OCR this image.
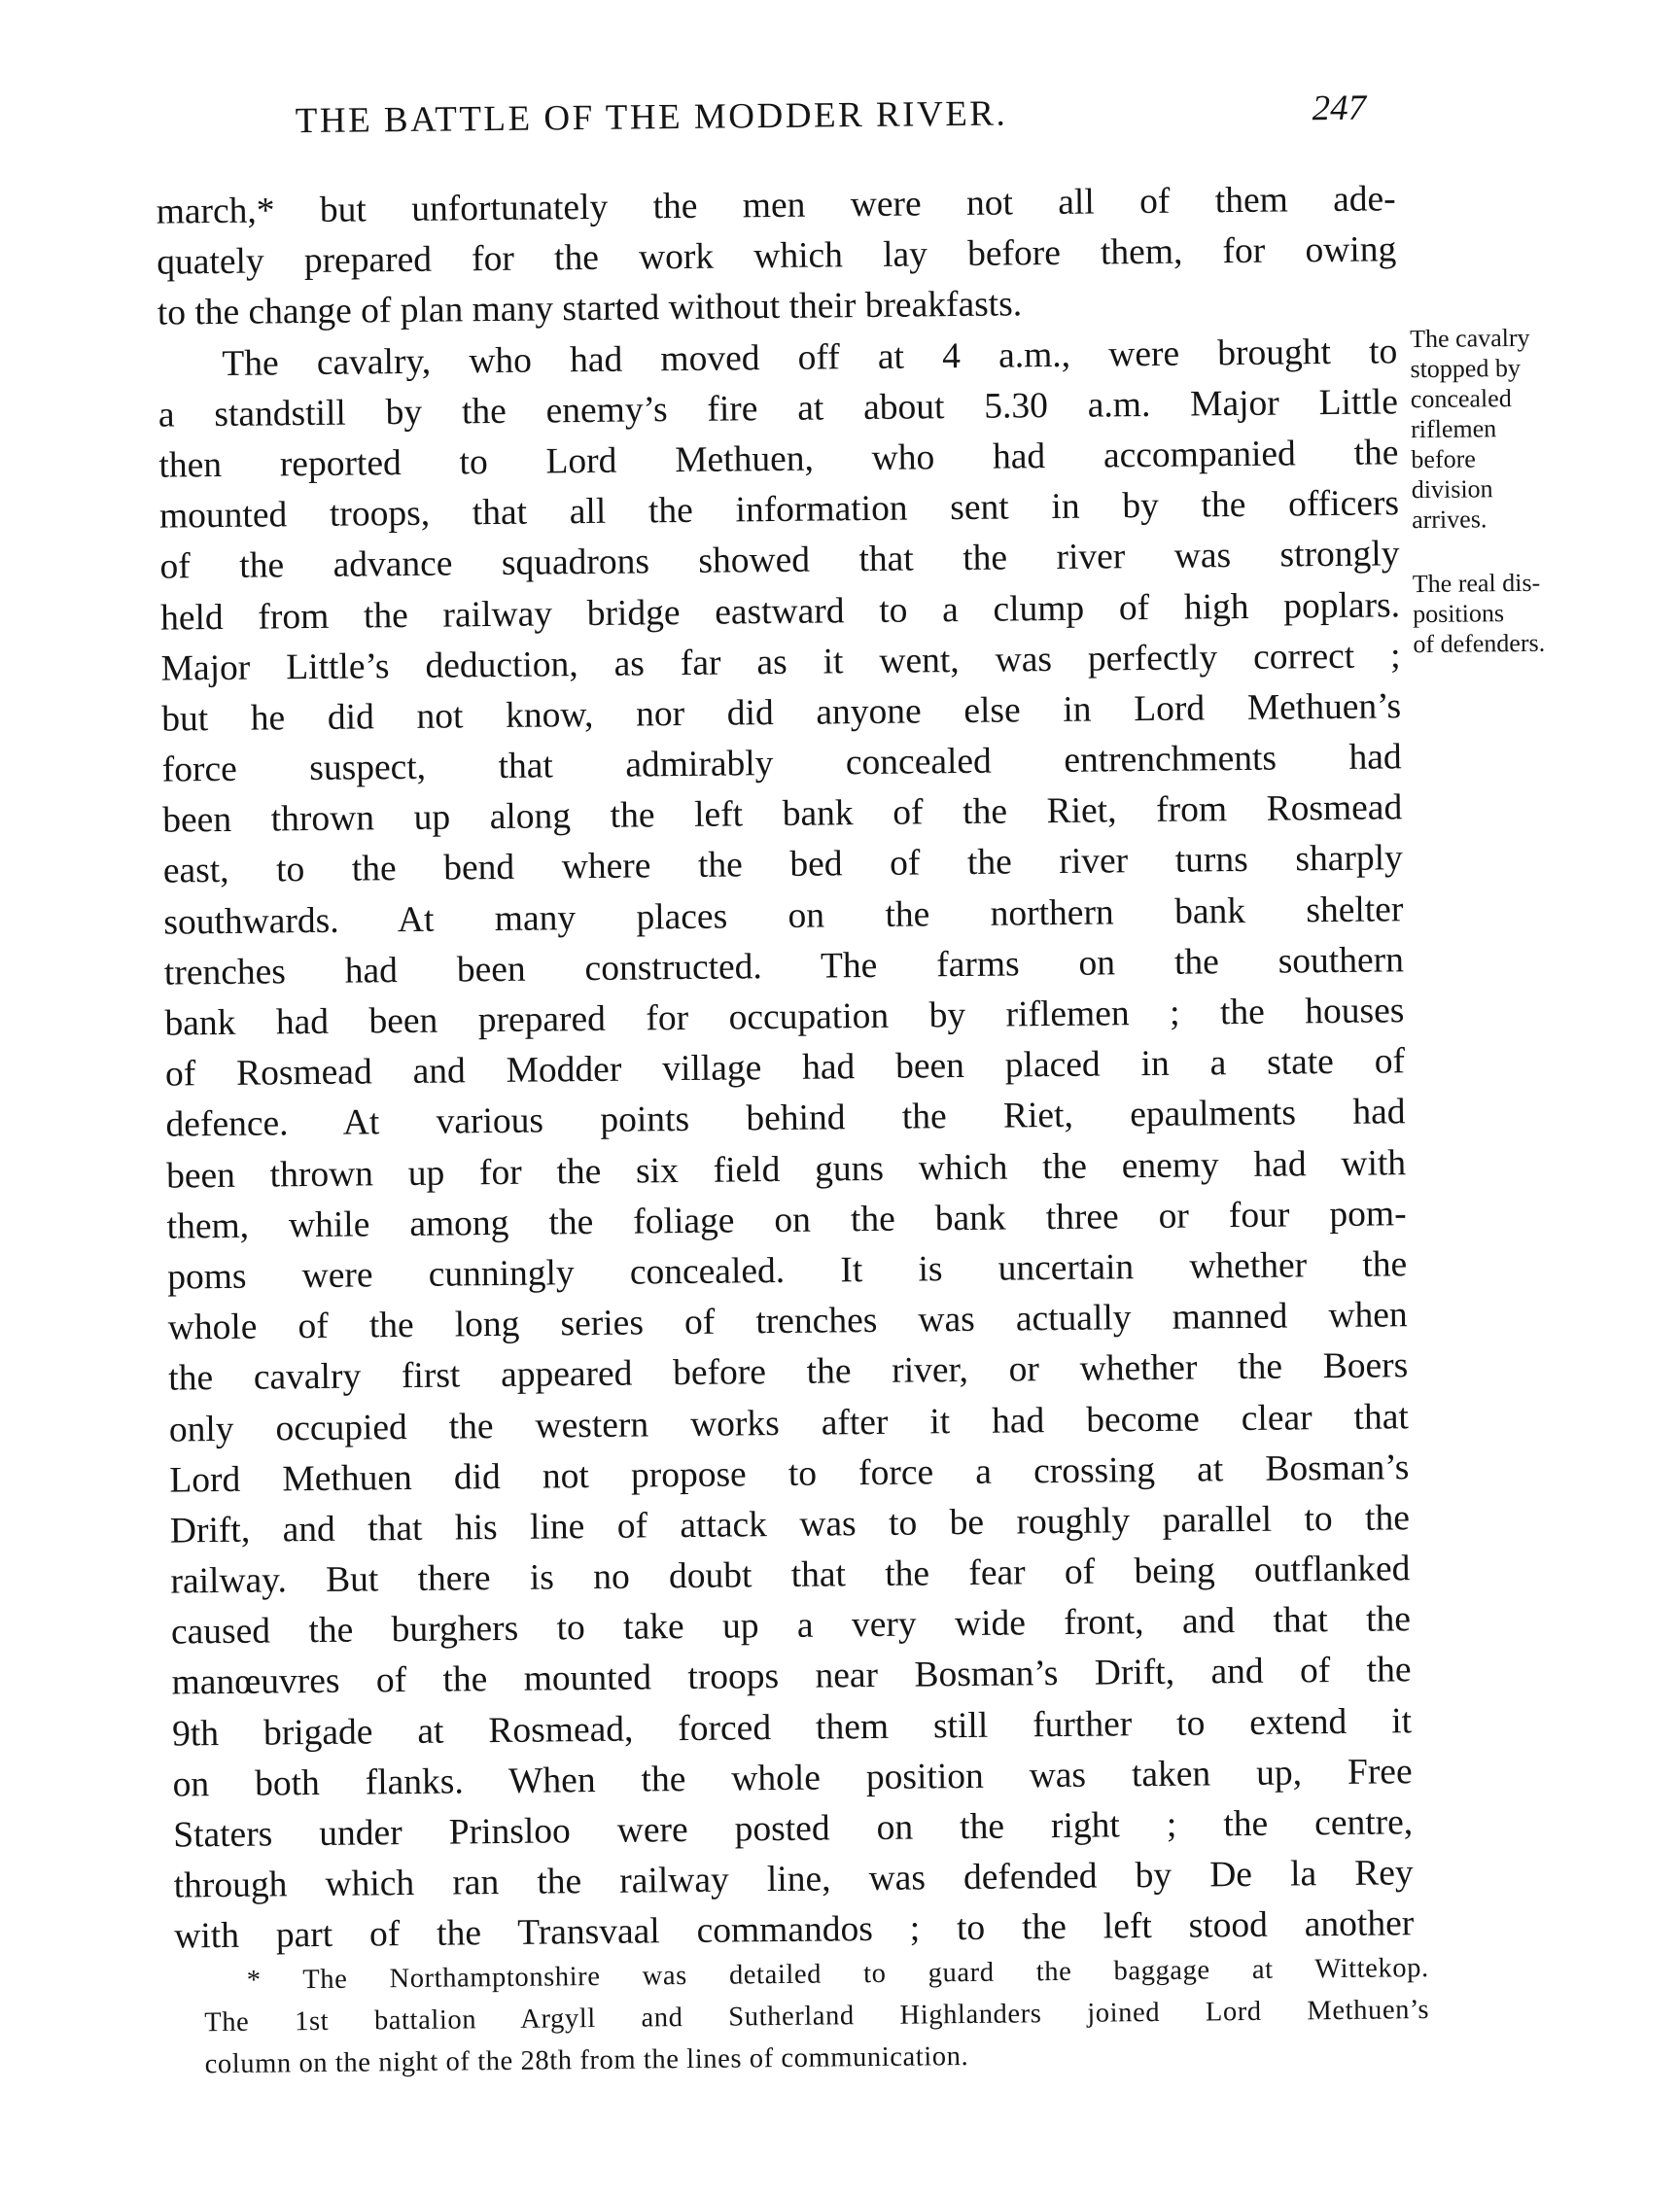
THE BATTLE OF THE MODDER RIVER.	247
march,* but unfortunately the men were not all of them ade-
quately prepared for the work which lay before them, for owing
to the change of plan many started without their breakfasts.
The cavalry, who had moved off at 4 a.m., were brought to
a standstill by the enemy’s fire at about 5.30 a.m. Major Little
then reported to Lord Methuen, who had accompanied the
mounted troops, that all the information sent in by the officers
of the advance squadrons showed that the river was strongly
held from the railway bridge eastward to a clump of high poplars.
Major Little’s deduction, as far as it went, was perfectly correct ;
but he did not know, nor did anyone else in Lord Methuen’s
force suspect, that admirably concealed entrenchments had
been thrown up along the left bank of the Riet, from Rosmead
east, to the bend where the bed of the river turns sharply
southwards. At many places on the northern bank shelter
trenches had been constructed. The farms on the southern
bank had been prepared for occupation by riflemen ; the houses
of Rosmead and Modder village had been placed in a state of
defence. At various points behind the Riet, epaulments had
been thrown up for the six field guns which the enemy had with
them, while among the foliage on the bank three or four pom-
poms were cunningly concealed. It is uncertain whether the
whole of the long series of trenches was actually manned when
the cavalry first appeared before the river, or whether the Boers
only occupied the western works after it had become clear that
Lord Methuen did not propose to force a crossing at Bosman’s
Drift, and that his line of attack was to be roughly parallel to the
railway. But there is no doubt that the fear of being outflanked
caused the burghers to take up a very wide front, and that the
manœuvres of the mounted troops near Bosman’s Drift, and of the
9th brigade at Rosmead, forced them still further to extend it
on both flanks. When the whole position was taken up, Free
Staters under Prinsloo were posted on the right ; the centre,
through which ran the railway line, was defended by De la Rey
with part of the Transvaal commandos ; to the left stood another
The cavalry
stopped by
concealed
riflemen
before
division
arrives.
The real dis-
positions
of defenders.
* The Northamptonshire was detailed to guard the baggage at Wittekop.
The 1st battalion Argyll and Sutherland Highlanders joined Lord Methuen’s
column on the night of the 28th from the lines of communication.
